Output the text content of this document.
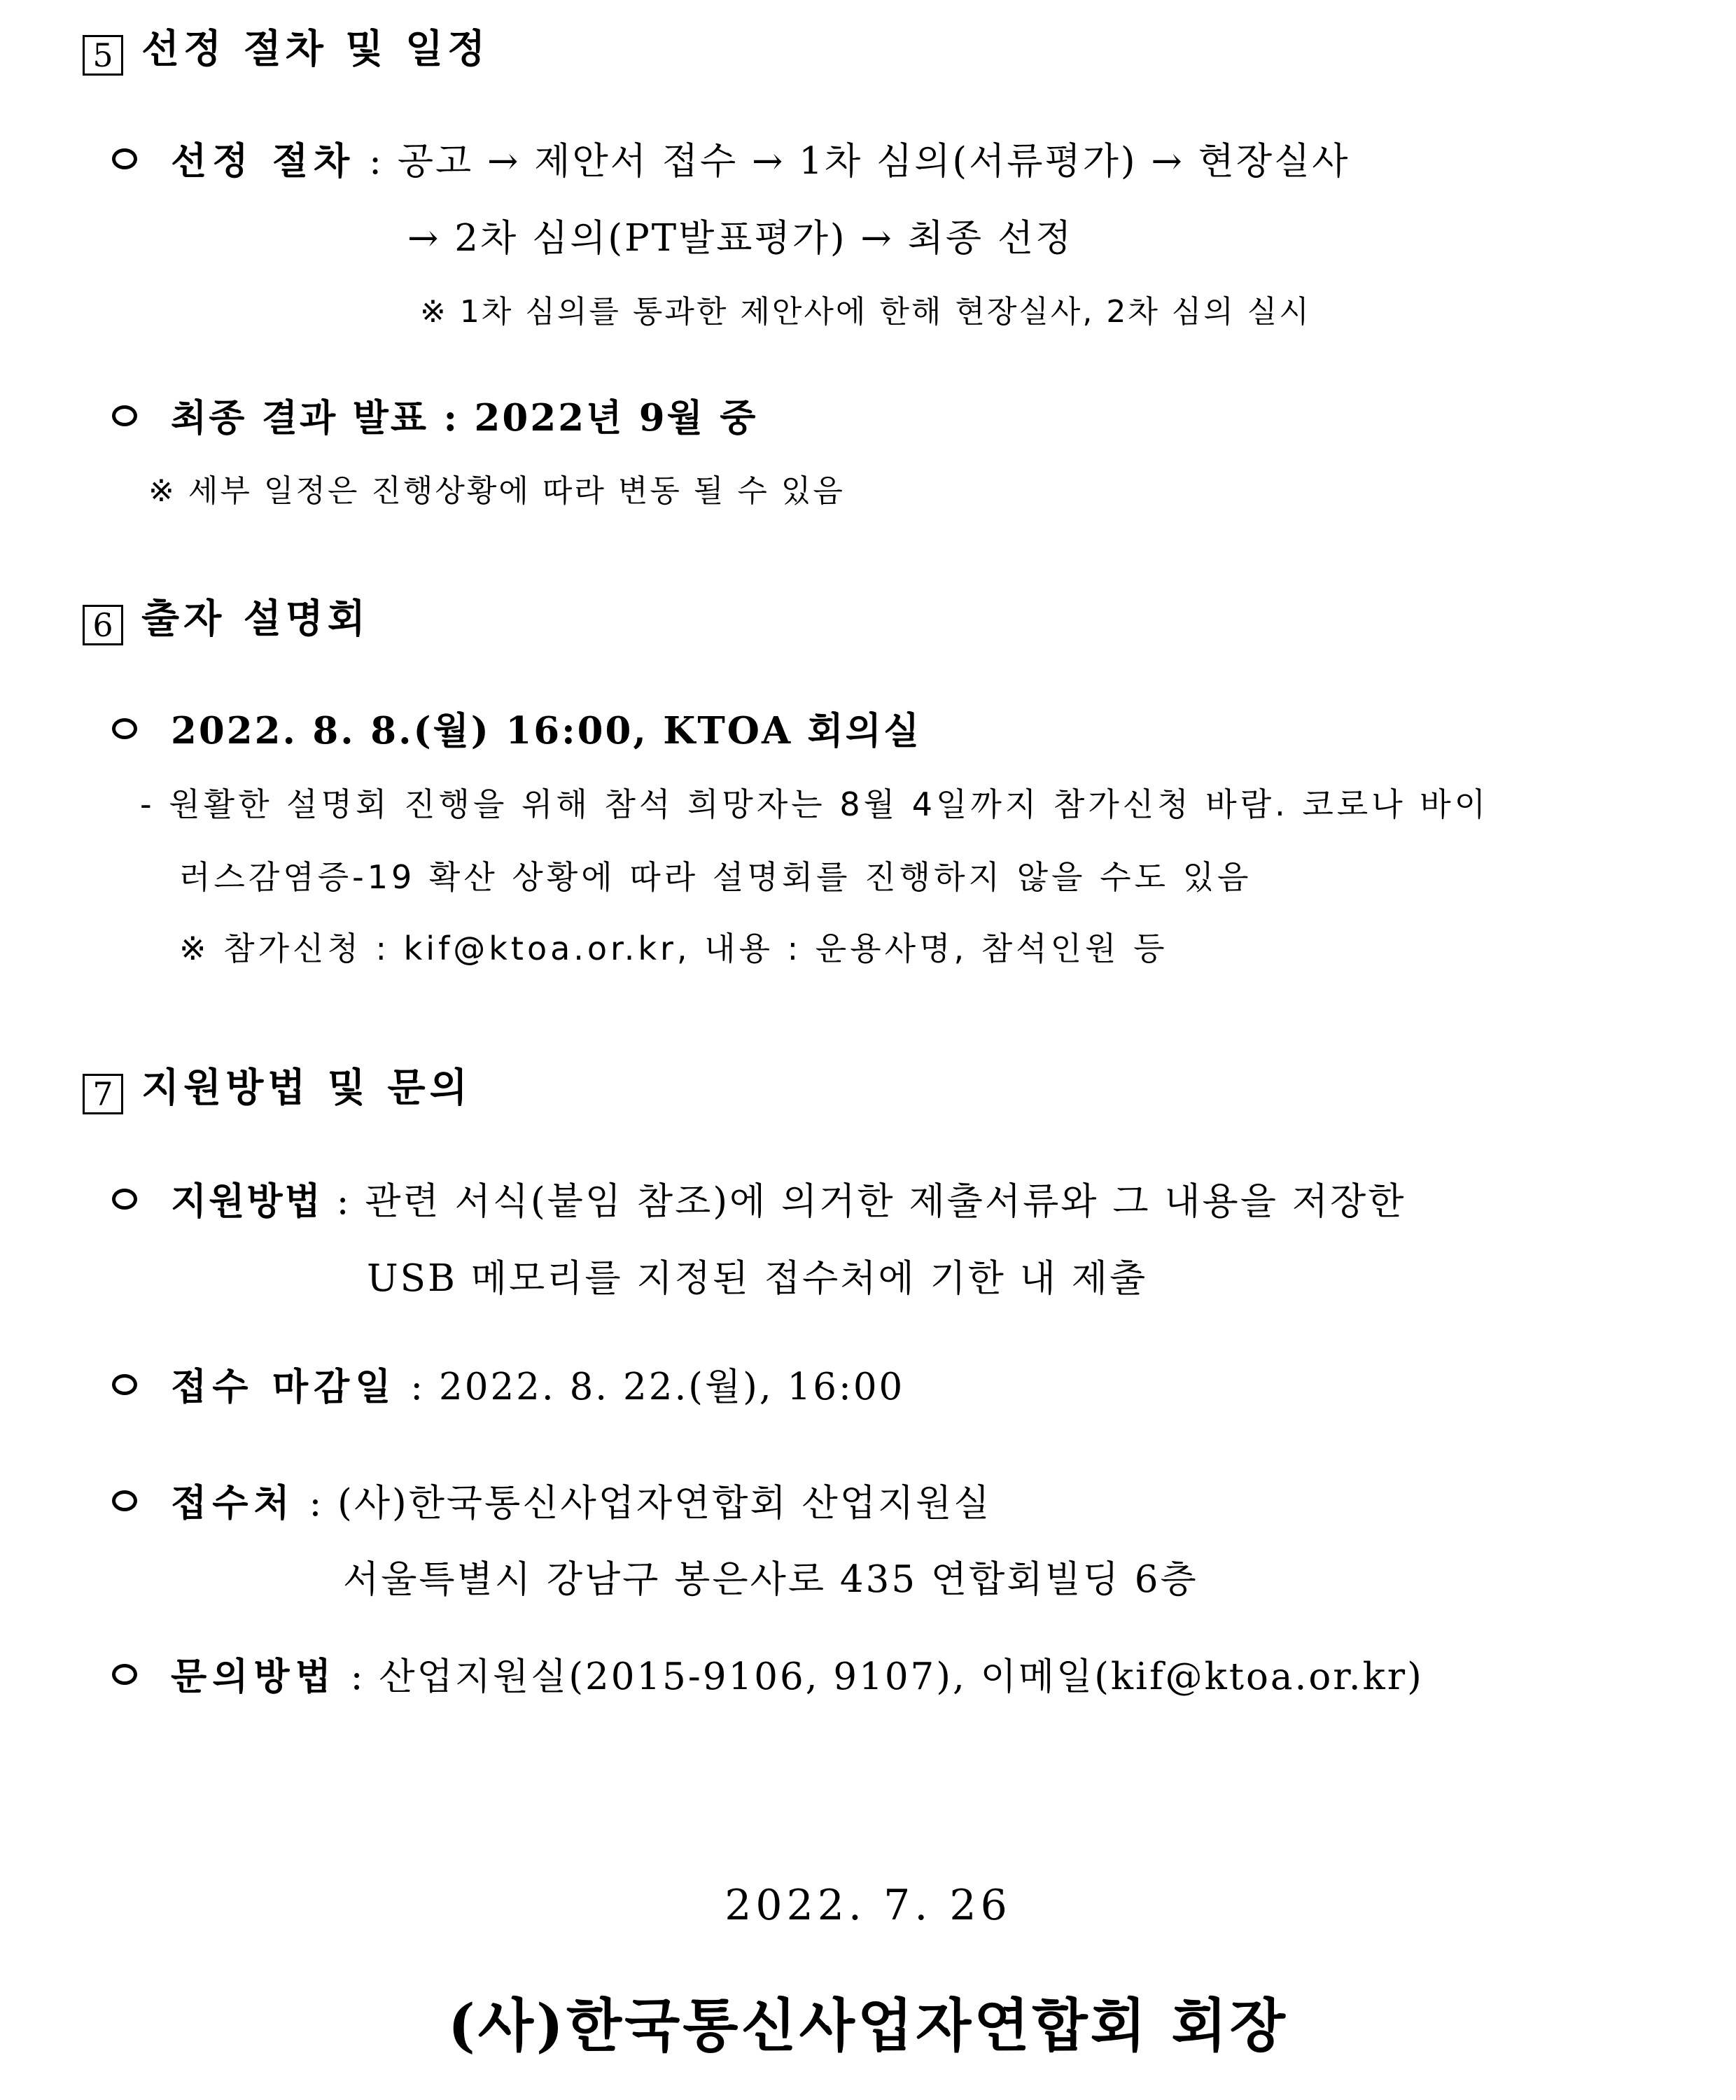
5 선정 절차 및 일정
선정 절차 : 공고 → 제안서 접수 → 1차 심의(서류평가) → 현장실사
→ 2차 심의(PT발표평가) → 최종 선정
※ 1차 심의를 통과한 제안사에 한해 현장실사, 2차 심의 실시
최종 결과 발표 : 2022년 9월 중
※ 세부 일정은 진행상황에 따라 변동 될 수 있음
6 출자 설명회
2022. 8. 8.(월) 16:00, KTOA 회의실
- 원활한 설명회 진행을 위해 참석 희망자는 8월 4일까지 참가신청 바람. 코로나 바이
러스감염증-19 확산 상황에 따라 설명회를 진행하지 않을 수도 있음
※ 참가신청 : kif@ktoa.or.kr, 내용 : 운용사명, 참석인원 등
7 지원방법 및 문의
지원방법 : 관련 서식(붙임 참조)에 의거한 제출서류와 그 내용을 저장한
USB 메모리를 지정된 접수처에 기한 내 제출
접수 마감일 : 2022. 8. 22.(월), 16:00
접수처 : (사)한국통신사업자연합회 산업지원실
서울특별시 강남구 봉은사로 435 연합회빌딩 6층
문의방법 : 산업지원실(2015-9106, 9107), 이메일(kif@ktoa.or.kr)
2022. 7. 26
(사)한국통신사업자연합회 회장
